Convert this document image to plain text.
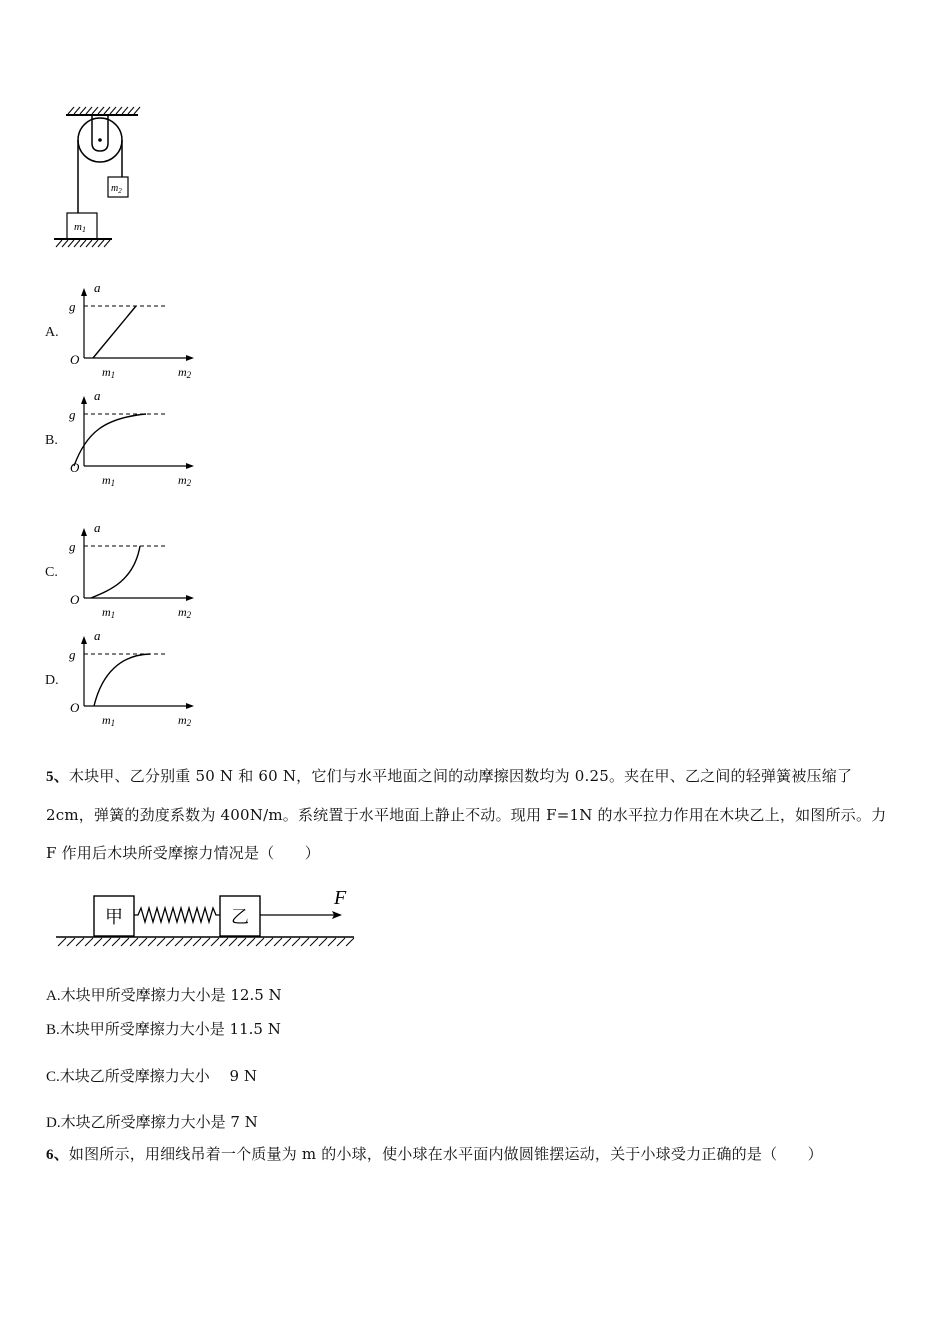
$m_2$
m1
A.
a
g
O
m1	m2
B.
a
g
O
m1	m2
C.
a
g
O
m1	m2
D.
a
g
O
m1	m2
5、木块甲、乙分别重 50 N 和 60 N，它们与水平地面之间的动摩擦因数均为 0.25。夹在甲、乙之间的轻弹簧被压缩了
2cm，弹簧的劲度系数为 400N/m。系统置于水平地面上静止不动。现用 F=1N 的水平拉力作用在木块乙上，如图所示。力
F 作用后木块所受摩擦力情况是（　　）
甲	乙
F
A.木块甲所受摩擦力大小是 12.5 N
B.木块甲所受摩擦力大小是 11.5 N
C.木块乙所受摩擦力大小　 9 N
D.木块乙所受摩擦力大小是 7 N
6、如图所示，用细线吊着一个质量为 m 的小球，使小球在水平面内做圆锥摆运动，关于小球受力正确的是（　　）
